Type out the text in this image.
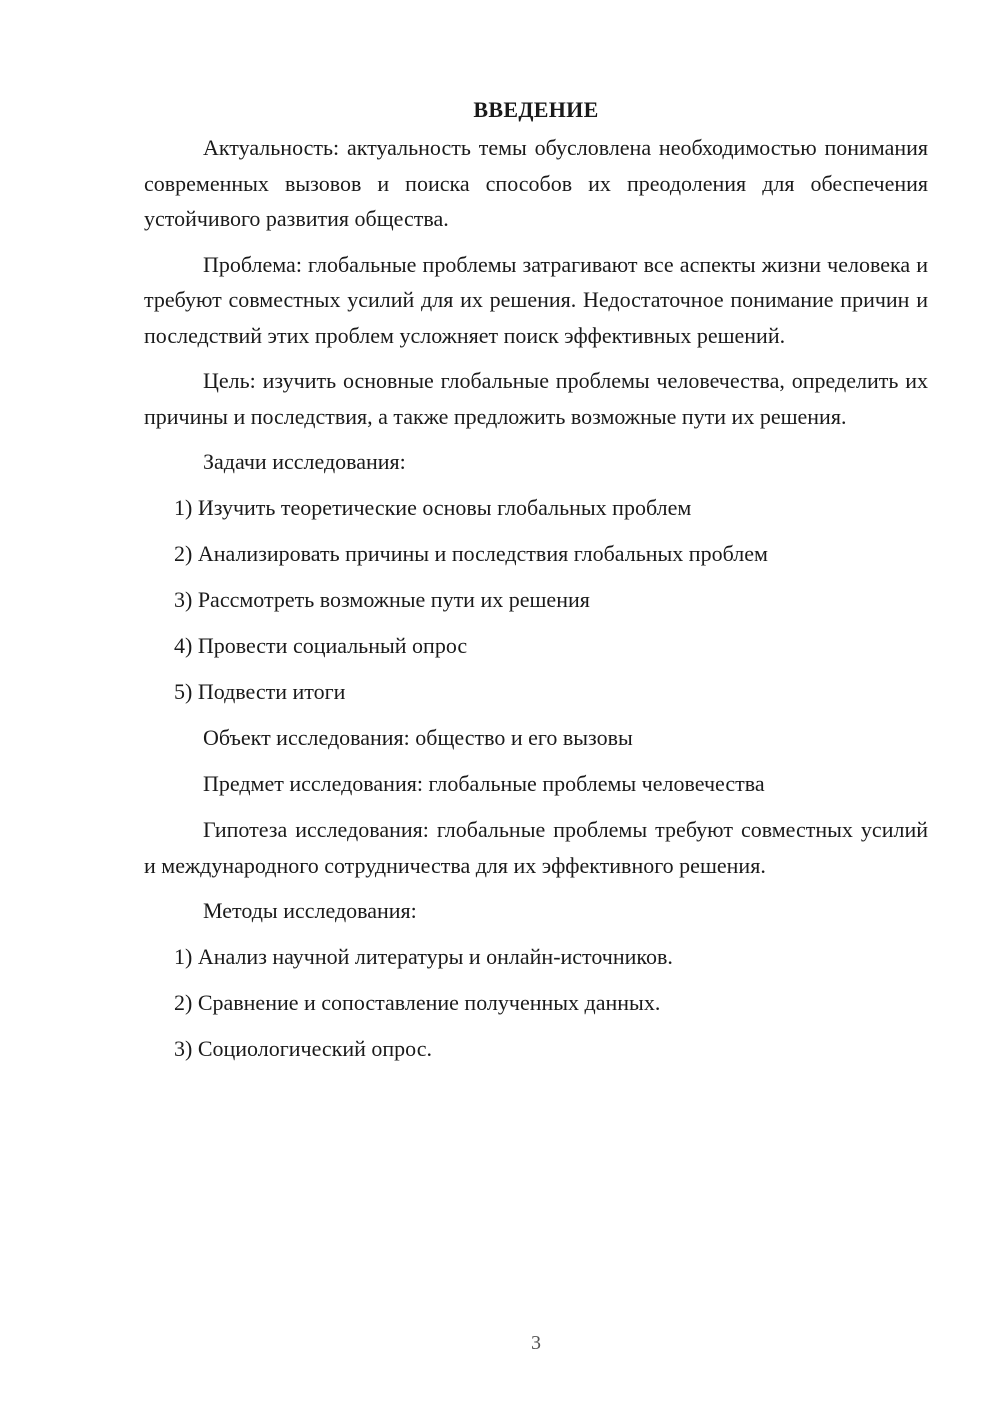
ВВЕДЕНИЕ

Актуальность: актуальность темы обусловлена необходимостью понимания современных вызовов и поиска способов их преодоления для обеспечения устойчивого развития общества.

Проблема: глобальные проблемы затрагивают все аспекты жизни человека и требуют совместных усилий для их решения. Недостаточное понимание причин и последствий этих проблем усложняет поиск эффективных решений.

Цель: изучить основные глобальные проблемы человечества, определить их причины и последствия, а также предложить возможные пути их решения.

Задачи исследования:
1) Изучить теоретические основы глобальных проблем
2) Анализировать причины и последствия глобальных проблем
3) Рассмотреть возможные пути их решения
4) Провести социальный опрос
5) Подвести итоги
Объект исследования: общество и его вызовы
Предмет исследования: глобальные проблемы человечества

Гипотеза исследования: глобальные проблемы требуют совместных усилий и международного сотрудничества для их эффективного решения.

Методы исследования:
1) Анализ научной литературы и онлайн-источников.
2) Сравнение и сопоставление полученных данных.
3) Социологический опрос.
3
